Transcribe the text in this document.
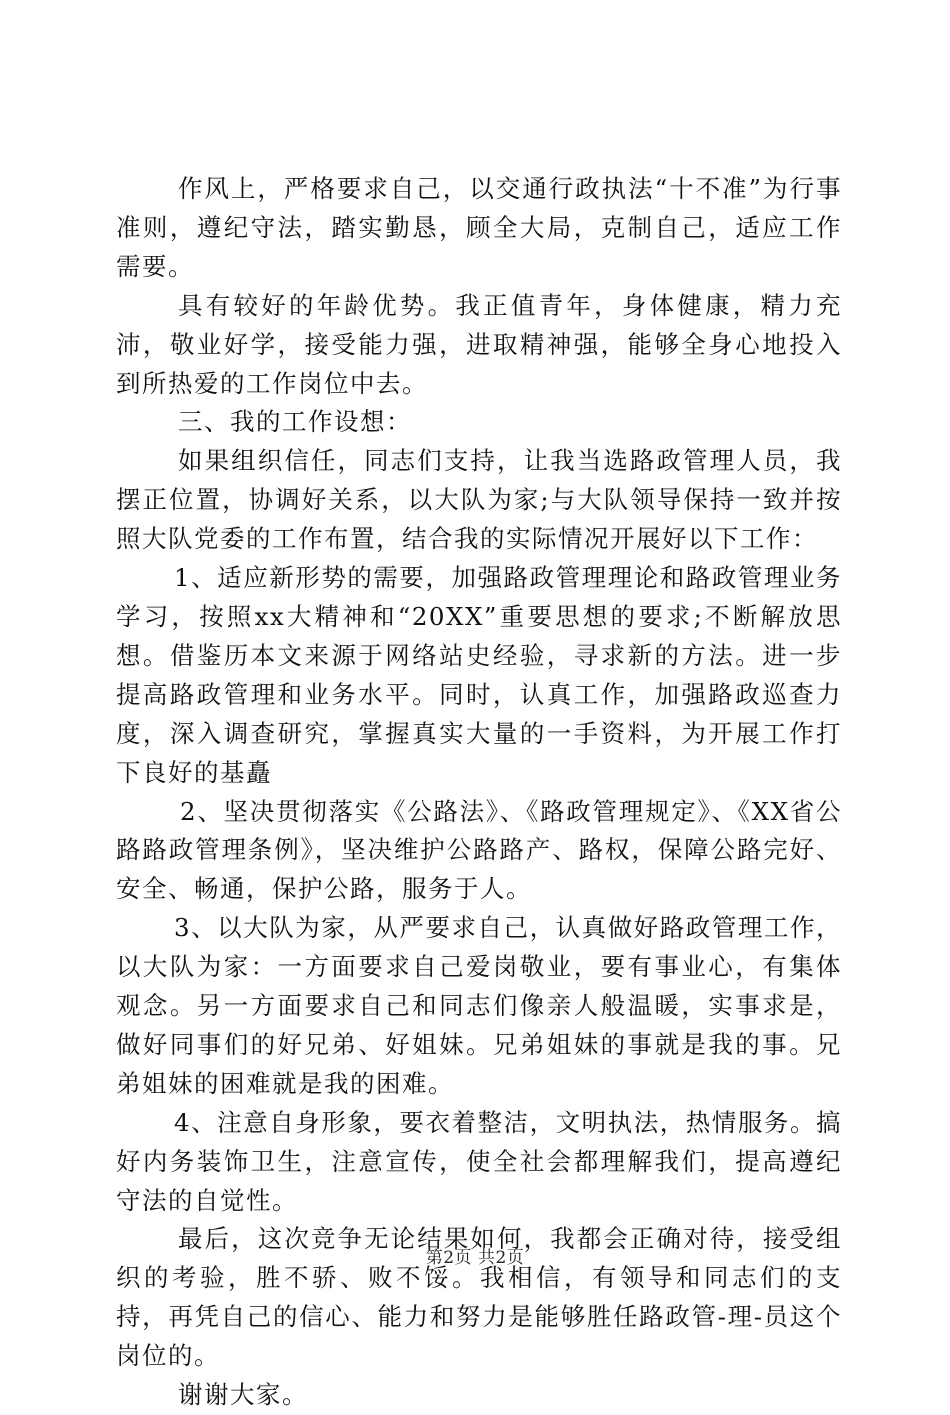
作风上，严格要求自己，以交通行政执法“十不准”为行事准则，遵纪守法，踏实勤恳，顾全大局，克制自己，适应工作需要。

具有较好的年龄优势。我正值青年，身体健康，精力充沛，敬业好学，接受能力强，进取精神强，能够全身心地投入到所热爱的工作岗位中去。

三、我的工作设想：

如果组织信任，同志们支持，让我当选路政管理人员，我摆正位置，协调好关系，以大队为家;与大队领导保持一致并按照大队党委的工作布置，结合我的实际情况开展好以下工作：

1、适应新形势的需要，加强路政管理理论和路政管理业务学习，按照xx大精神和“20XX”重要思想的要求;不断解放思想。借鉴历本文来源于网络站史经验，寻求新的方法。进一步提高路政管理和业务水平。同时，认真工作，加强路政巡查力度，深入调查研究，掌握真实大量的一手资料，为开展工作打下良好的基矗

2、坚决贯彻落实《公路法》、《路政管理规定》、《XX省公路路政管理条例》，坚决维护公路路产、路权，保障公路完好、安全、畅通，保护公路，服务于人。

3、以大队为家，从严要求自己，认真做好路政管理工作，以大队为家：一方面要求自己爱岗敬业，要有事业心，有集体观念。另一方面要求自己和同志们像亲人般温暖，实事求是，做好同事们的好兄弟、好姐妹。兄弟姐妹的事就是我的事。兄弟姐妹的困难就是我的困难。

4、注意自身形象，要衣着整洁，文明执法，热情服务。搞好内务装饰卫生，注意宣传，使全社会都理解我们，提高遵纪守法的自觉性。

最后，这次竞争无论结果如何，我都会正确对待，接受组织的考验，胜不骄、败不馁。我相信，有领导和同志们的支持，再凭自己的信心、能力和努力是能够胜任路政管-理-员这个岗位的。

谢谢大家。

第2页 共2页
